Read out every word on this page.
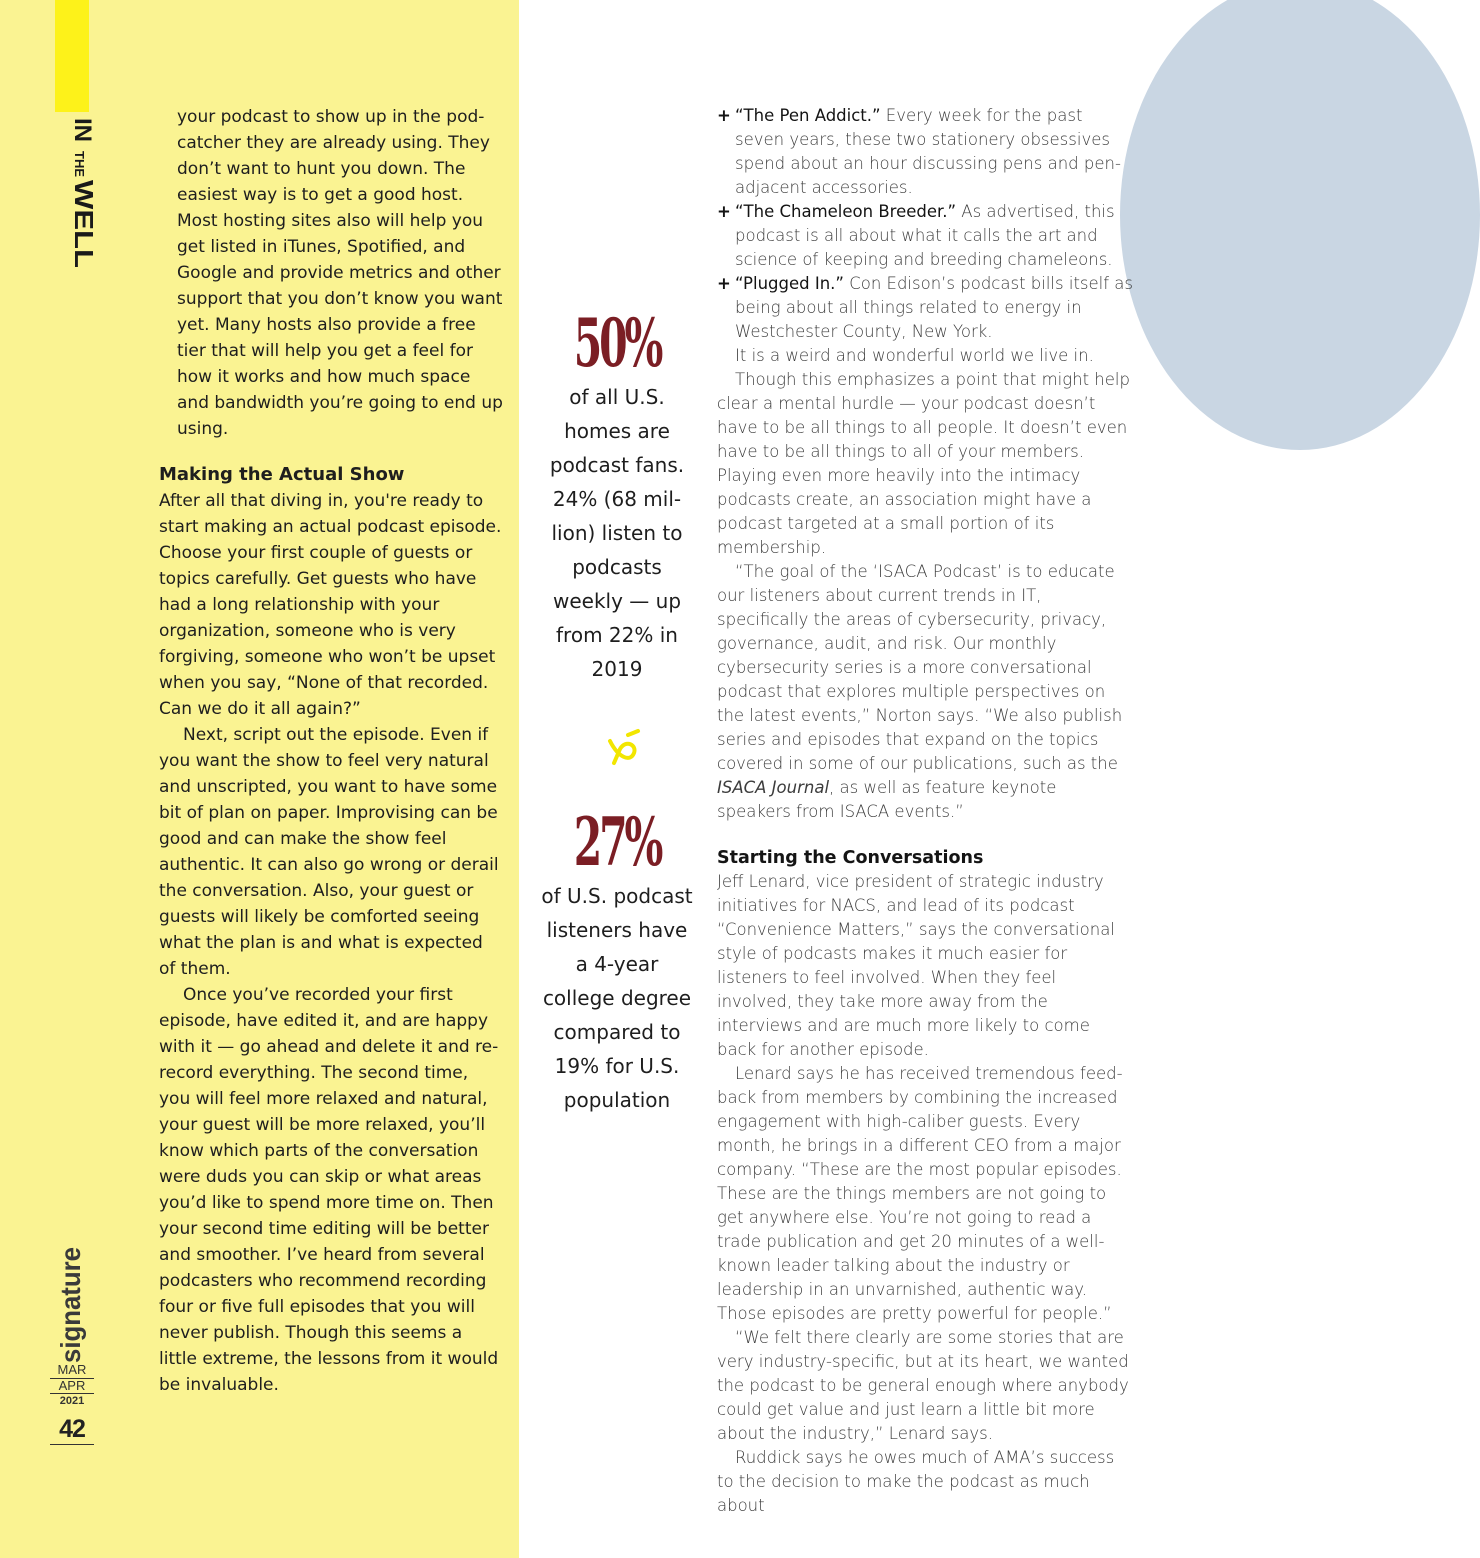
IN
THE
WELL
signature
MAR
APR
2021
42

your podcast to show up in the podcatcher they are already using. They don’t want to hunt you down. The easiest way is to get a good host. Most hosting sites also will help you get listed in iTunes, Spotified, and Google and provide metrics and other support that you don’t know you want yet. Many hosts also provide a free tier that will help you get a feel for how it works and how much space and bandwidth you’re going to end up using.

Making the Actual Show

After all that diving in, you're ready to start making an actual podcast episode. Choose your first couple of guests or topics carefully. Get guests who have had a long relationship with your organization, someone who is very forgiving, someone who won’t be upset when you say, “None of that recorded. Can we do it all again?”

Next, script out the episode. Even if you want the show to feel very natural and unscripted, you want to have some bit of plan on paper. Improvising can be good and can make the show feel authentic. It can also go wrong or derail the conversation. Also, your guest or guests will likely be comforted seeing what the plan is and what is expected of them.

Once you’ve recorded your first episode, have edited it, and are happy with it — go ahead and delete it and re-record everything. The second time, you will feel more relaxed and natural, your guest will be more relaxed, you’ll know which parts of the conversation were duds you can skip or what areas you’d like to spend more time on. Then your second time editing will be better and smoother. I’ve heard from several podcasters who recommend recording four or five full episodes that you will never publish. Though this seems a little extreme, the lessons from it would be invaluable.

50%
of all U.S. homes are podcast fans. 24% (68 million) listen to podcasts weekly — up from 22% in 2019
27%
of U.S. podcast listeners have a 4-year college degree compared to 19% for U.S. population

+ “The Pen Addict.” Every week for the past seven years, these two stationery obsessives spend about an hour discussing pens and pen-adjacent accessories.

+ “The Chameleon Breeder.” As advertised, this podcast is all about what it calls the art and science of keeping and breeding chameleons.

+ “Plugged In.” Con Edison’s podcast bills itself as being about all things related to energy in Westchester County, New York.

It is a weird and wonderful world we live in.

Though this emphasizes a point that might help clear a mental hurdle — your podcast doesn’t have to be all things to all people. It doesn’t even have to be all things to all of your members. Playing even more heavily into the intimacy podcasts create, an association might have a podcast targeted at a small portion of its membership.

“The goal of the ‘ISACA Podcast’ is to educate our listeners about current trends in IT, specifically the areas of cybersecurity, privacy, governance, audit, and risk. Our monthly cybersecurity series is a more conversational podcast that explores multiple perspectives on the latest events,” Norton says. “We also publish series and episodes that expand on the topics covered in some of our publications, such as the ISACA Journal, as well as feature keynote speakers from ISACA events.”

Starting the Conversations

Jeff Lenard, vice president of strategic industry initiatives for NACS, and lead of its podcast “Convenience Matters,” says the conversational style of podcasts makes it much easier for listeners to feel involved. When they feel involved, they take more away from the interviews and are much more likely to come back for another episode.

Lenard says he has received tremendous feedback from members by combining the increased engagement with high-caliber guests. Every month, he brings in a different CEO from a major company. “These are the most popular episodes. These are the things members are not going to get anywhere else. You’re not going to read a trade publication and get 20 minutes of a well-known leader talking about the industry or leadership in an unvarnished, authentic way. Those episodes are pretty powerful for people.”

“We felt there clearly are some stories that are very industry-specific, but at its heart, we wanted the podcast to be general enough where anybody could get value and just learn a little bit more about the industry,” Lenard says.

Ruddick says he owes much of AMA’s success to the decision to make the podcast as much about
